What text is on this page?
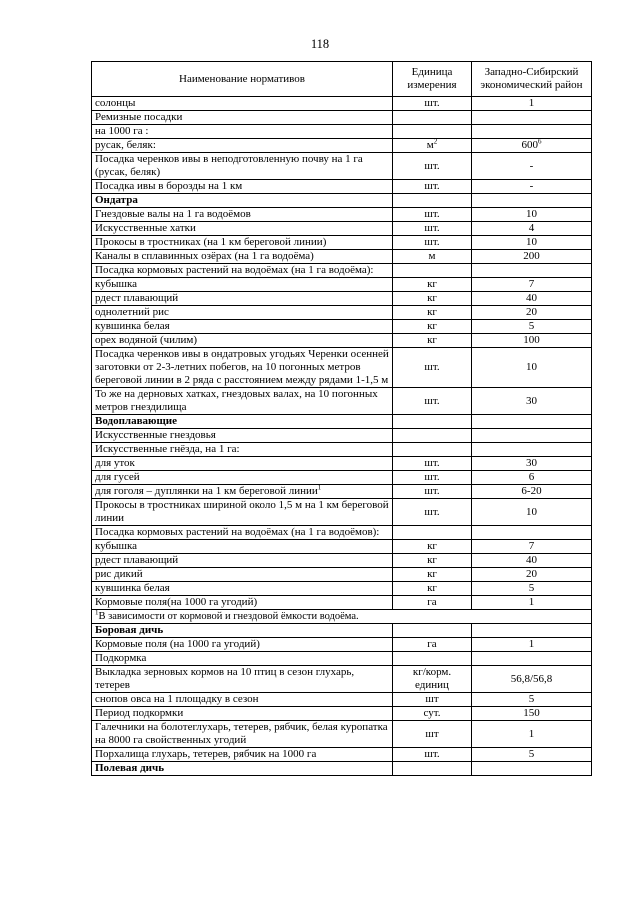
118
Наименование нормативов	Единица измерения	Западно-Сибирский экономический район
солонцы	шт.	1
Ремизные посадки		
на 1000 га :		
русак, беляк:	$м^2$	$600^6$
Посадка черенков ивы в неподготовленную почву на 1 га (русак, беляк)	шт.	-
Посадка ивы в борозды на 1 км	шт.	-
Ондатра		
Гнездовые валы на 1 га водоёмов	шт.	10
Искусственные хатки	шт.	4
Прокосы в тростниках (на 1 км береговой линии)	шт.	10
Каналы в сплавинных озёрах (на 1 га водоёма)	м	200
Посадка кормовых растений на водоёмах (на 1 га водоёма):		
кубышка	кг	7
рдест плавающий	кг	40
однолетний рис	кг	20
кувшинка белая	кг	5
орех водяной (чилим)	кг	100
Посадка черенков ивы в ондатровых угодьях Черенки осенней заготовки от 2-3-летних побегов, на 10 погонных метров береговой линии в 2 ряда с расстоянием между рядами 1-1,5 м	шт.	10
То же на дерновых хатках, гнездовых валах, на 10 погонных метров гнездилища	шт.	30
Водоплавающие		
Искусственные гнездовья		
Искусственные гнёзда, на 1 га:		
для уток	шт.	30
для гусей	шт.	6
для гоголя – дуплянки на 1 км береговой линии$^1$	шт.	6-20
Прокосы в тростниках шириной около 1,5 м на 1 км береговой линии	шт.	10
Посадка кормовых растений на водоёмах (на 1 га водоёмов):		
кубышка	кг	7
рдест плавающий	кг	40
рис дикий	кг	20
кувшинка белая	кг	5
Кормовые поля(на 1000 га угодий)	га	1
$^1$В зависимости от кормовой и гнездовой ёмкости водоёма.		
Боровая дичь		
Кормовые поля (на 1000 га угодий)	га	1
Подкормка		
Выкладка зерновых кормов на 10 птиц в сезон глухарь, тетерев	кг/корм. единиц	56,8/56,8
снопов овса на 1 площадку в сезон	шт	5
Период подкормки	сут.	150
Галечники на болотеглухарь, тетерев, рябчик, белая куропатка на 8000 га свойственных угодий	шт	1
Порхалища глухарь, тетерев, рябчик на 1000 га	шт.	5
Полевая дичь		
